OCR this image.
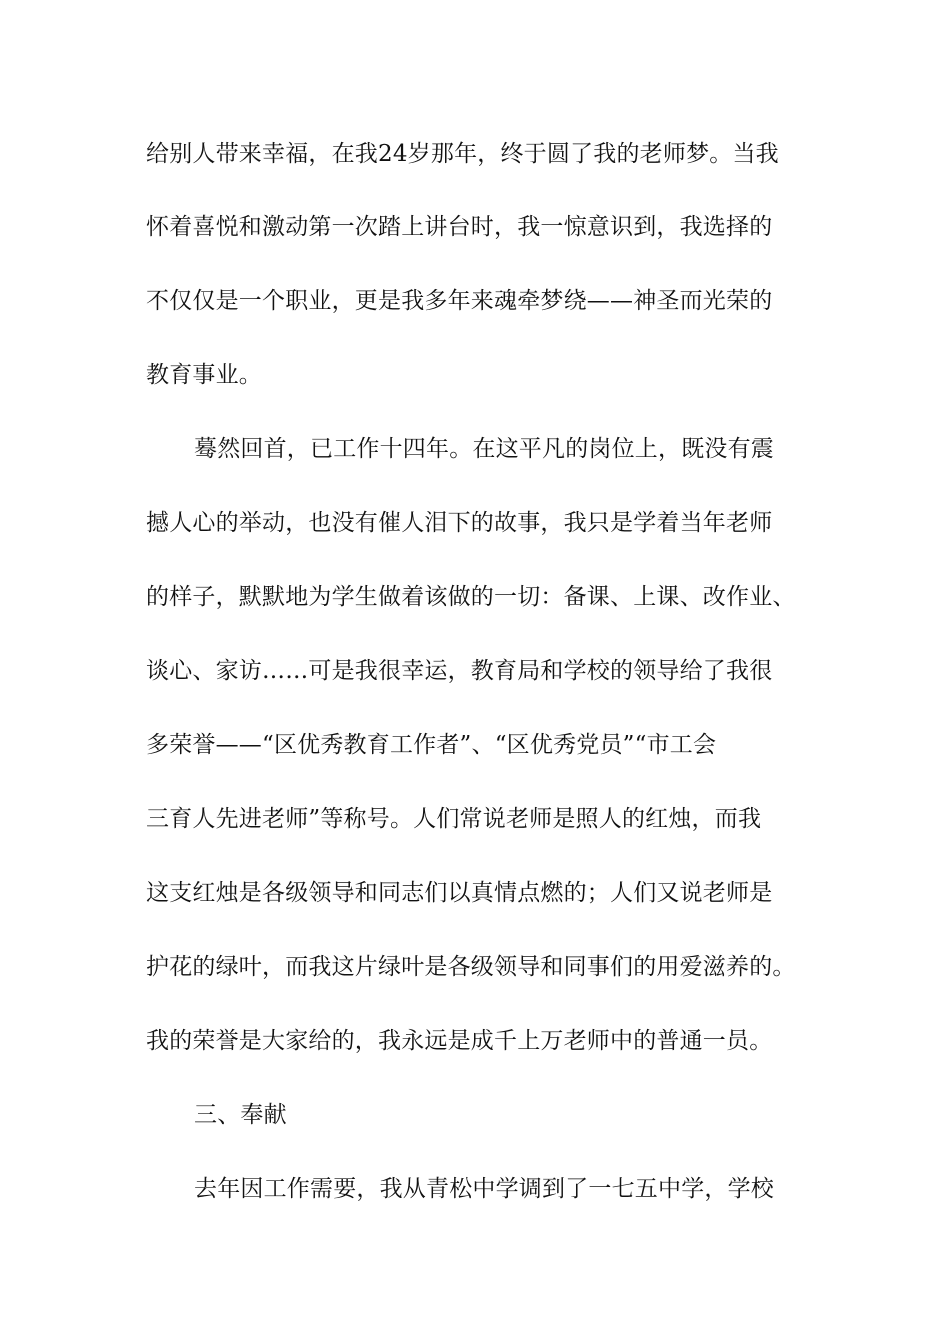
给别人带来幸福，在我24岁那年，终于圆了我的老师梦。当我
怀着喜悦和激动第一次踏上讲台时，我一惊意识到，我选择的
不仅仅是一个职业，更是我多年来魂牵梦绕——神圣而光荣的
教育事业。
蓦然回首，已工作十四年。在这平凡的岗位上，既没有震
撼人心的举动，也没有催人泪下的故事，我只是学着当年老师
的样子，默默地为学生做着该做的一切：备课、上课、改作业、
谈心、家访……可是我很幸运，教育局和学校的领导给了我很
多荣誉——“区优秀教育工作者”、“区优秀党员”“市工会
三育人先进老师”等称号。人们常说老师是照人的红烛，而我
这支红烛是各级领导和同志们以真情点燃的；人们又说老师是
护花的绿叶，而我这片绿叶是各级领导和同事们的用爱滋养的。
我的荣誉是大家给的，我永远是成千上万老师中的普通一员。
三、奉献
去年因工作需要，我从青松中学调到了一七五中学，学校
